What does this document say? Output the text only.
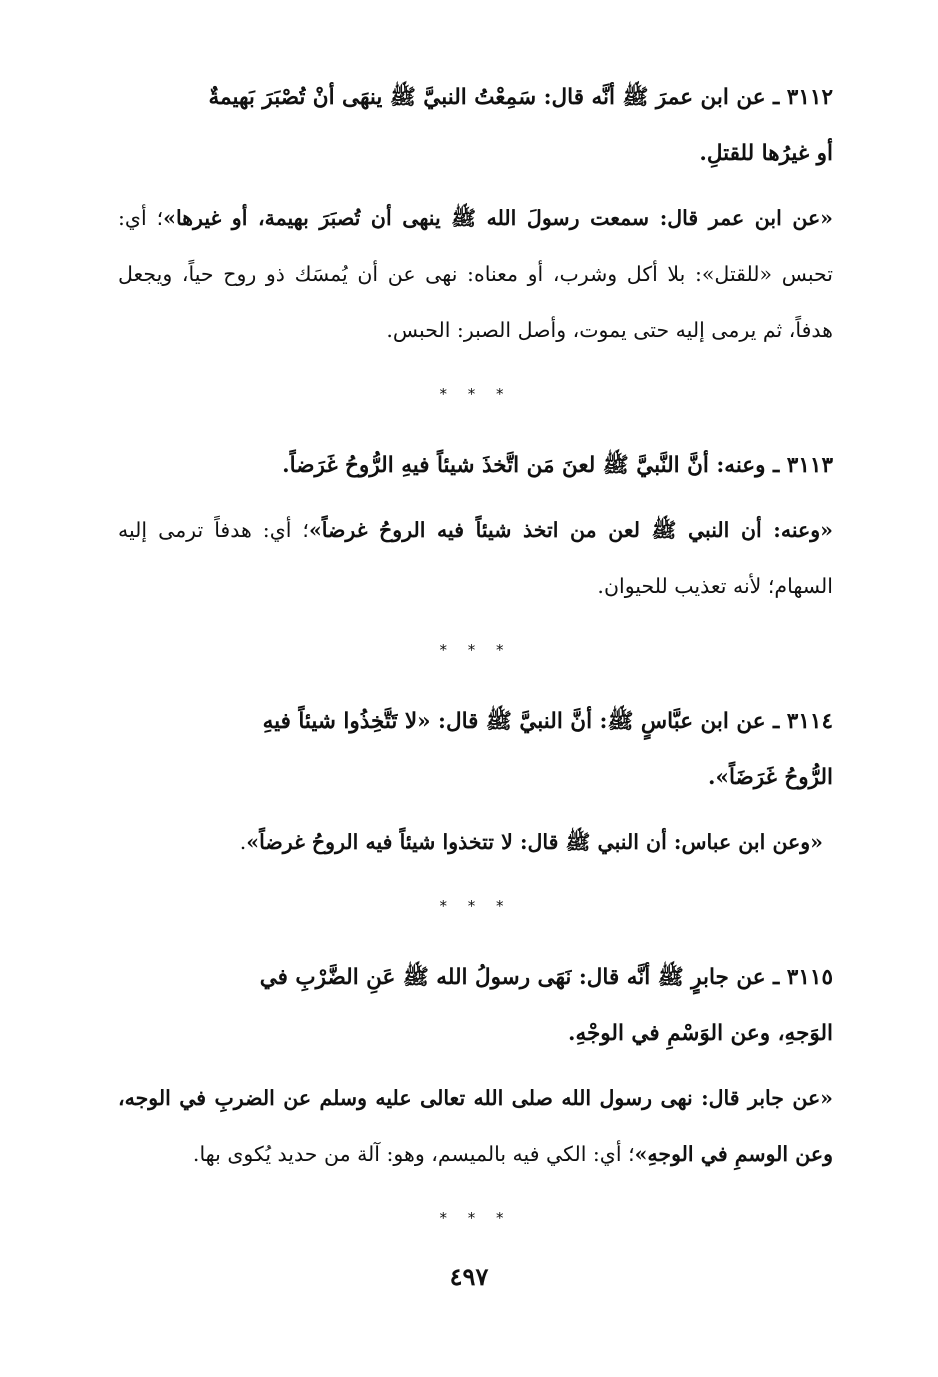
٣١١٢ ـ عن ابن عمرَ ﷺ أنَّه قال: سَمِعْتُ النبيَّ ﷺ ينهَى أنْ تُصْبَرَ بَهيمةٌ
أو غيرُها للقتلِ.

«عن ابن عمر قال: سمعت رسولَ الله ﷺ ينهى أن تُصبَرَ بهيمة، أو غيرها»؛ أي: تحبس «للقتل»: بلا أكل وشرب، أو معناه: نهى عن أن يُمسَك ذو روح حياً، ويجعل هدفاً، ثم يرمى إليه حتى يموت، وأصل الصبر: الحبس.

* * *

٣١١٣ ـ وعنه: أنَّ النَّبيَّ ﷺ لعنَ مَن اتَّخذَ شيئاً فيهِ الرُّوحُ غَرَضاً.

«وعنه: أن النبي ﷺ لعن من اتخذ شيئاً فيه الروحُ غرضاً»؛ أي: هدفاً ترمى إليه السهام؛ لأنه تعذيب للحيوان.

* * *

٣١١٤ ـ عن ابن عبَّاسٍ ﷺ: أنَّ النبيَّ ﷺ قال: «لا تَتَّخِذُوا شيئاً فيهِ
الرُّوحُ غَرَضَاً».

«وعن ابن عباس: أن النبي ﷺ قال: لا تتخذوا شيئاً فيه الروحُ غرضاً».

* * *

٣١١٥ ـ عن جابرٍ ﷺ أنَّه قال: نَهَى رسولُ الله ﷺ عَنِ الضَّرْبِ في
الوَجهِ، وعن الوَسْمِ في الوجْهِ.

«عن جابر قال: نهى رسول الله صلى الله تعالى عليه وسلم عن الضربِ في الوجه، وعن الوسمِ في الوجهِ»؛ أي: الكي فيه بالميسم، وهو: آلة من حديد يُكوى بها.

* * *
٤٩٧
